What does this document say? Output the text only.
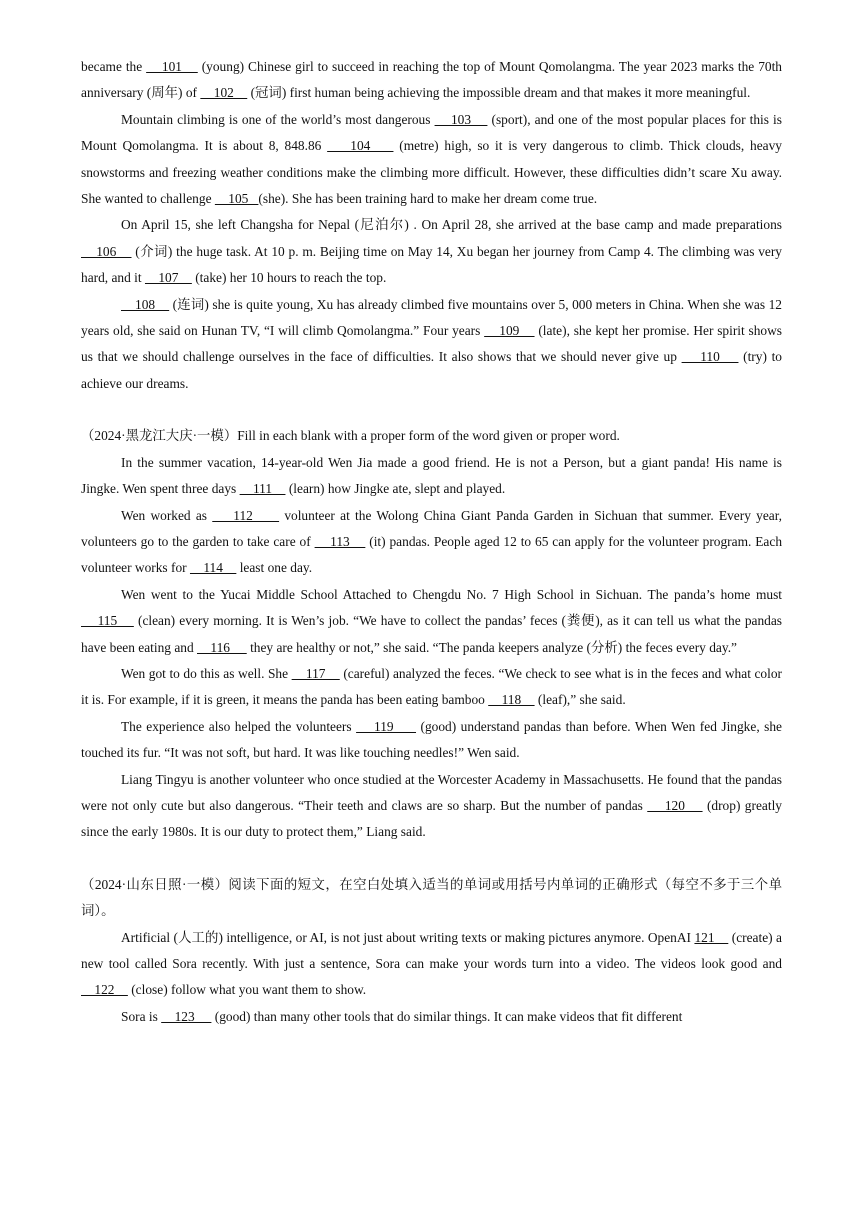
became the     101     (young) Chinese girl to succeed in reaching the top of Mount Qomolangma. The year 2023 marks the 70th anniversary (周年) of     102     (冠词) first human being achieving the impossible dream and that makes it more meaningful.

Mountain climbing is one of the world’s most dangerous     103     (sport), and one of the most popular places for this is Mount Qomolangma. It is about 8, 848.86     104     (metre) high, so it is very dangerous to climb. Thick clouds, heavy snowstorms and freezing weather conditions make the climbing more difficult. However, these difficulties didn’t scare Xu away. She wanted to challenge     105   (she). She has been training hard to make her dream come true.

On April 15, she left Changsha for Nepal (尼泊尔) . On April 28, she arrived at the base camp and made preparations     106     (介词) the huge task. At 10 p. m. Beijing time on May 14, Xu began her journey from Camp 4. The climbing was very hard, and it     107     (take) her 10 hours to reach the top.

108     (连词) she is quite young, Xu has already climbed five mountains over 5, 000 meters in China. When she was 12 years old, she said on Hunan TV, “I will climb Qomolangma.” Four years     109     (late), she kept her promise. Her spirit shows us that we should challenge ourselves in the face of difficulties. It also shows that we should never give up     110     (try) to achieve our dreams.

（2024·黑龙江大庆·一模）Fill in each blank with a proper form of the word given or proper word.

In the summer vacation, 14-year-old Wen Jia made a good friend. He is not a Person, but a giant panda! His name is Jingke. Wen spent three days     111     (learn) how Jingke ate, slept and played.

Wen worked as     112      volunteer at the Wolong China Giant Panda Garden in Sichuan that summer. Every year, volunteers go to the garden to take care of     113     (it) pandas. People aged 12 to 65 can apply for the volunteer program. Each volunteer works for     114     least one day.

Wen went to the Yucai Middle School Attached to Chengdu No. 7 High School in Sichuan. The panda’s home must     115     (clean) every morning. It is Wen’s job. “We have to collect the pandas’ feces (粪便), as it can tell us what the pandas have been eating and     116      they are healthy or not,” she said. “The panda keepers analyze (分析) the feces every day.”

Wen got to do this as well. She     117     (careful) analyzed the feces. “We check to see what is in the feces and what color it is. For example, if it is green, it means the panda has been eating bamboo     118     (leaf),” she said.

The experience also helped the volunteers     119      (good) understand pandas than before. When Wen fed Jingke, she touched its fur. “It was not soft, but hard. It was like touching needles!” Wen said.

Liang Tingyu is another volunteer who once studied at the Worcester Academy in Massachusetts. He found that the pandas were not only cute but also dangerous. “Their teeth and claws are so sharp. But the number of pandas     120     (drop) greatly since the early 1980s. It is our duty to protect them,” Liang said.

（2024·山东日照·一模）阅读下面的短文，在空白处填入适当的单词或用括号内单词的正确形式（每空不多于三个单词）。

Artificial (人工的) intelligence, or AI, is not just about writing texts or making pictures anymore. OpenAI 121     (create) a new tool called Sora recently. With just a sentence, Sora can make your words turn into a video. The videos look good and     122     (close) follow what you want them to show.

Sora is     123      (good) than many other tools that do similar things. It can make videos that fit different
